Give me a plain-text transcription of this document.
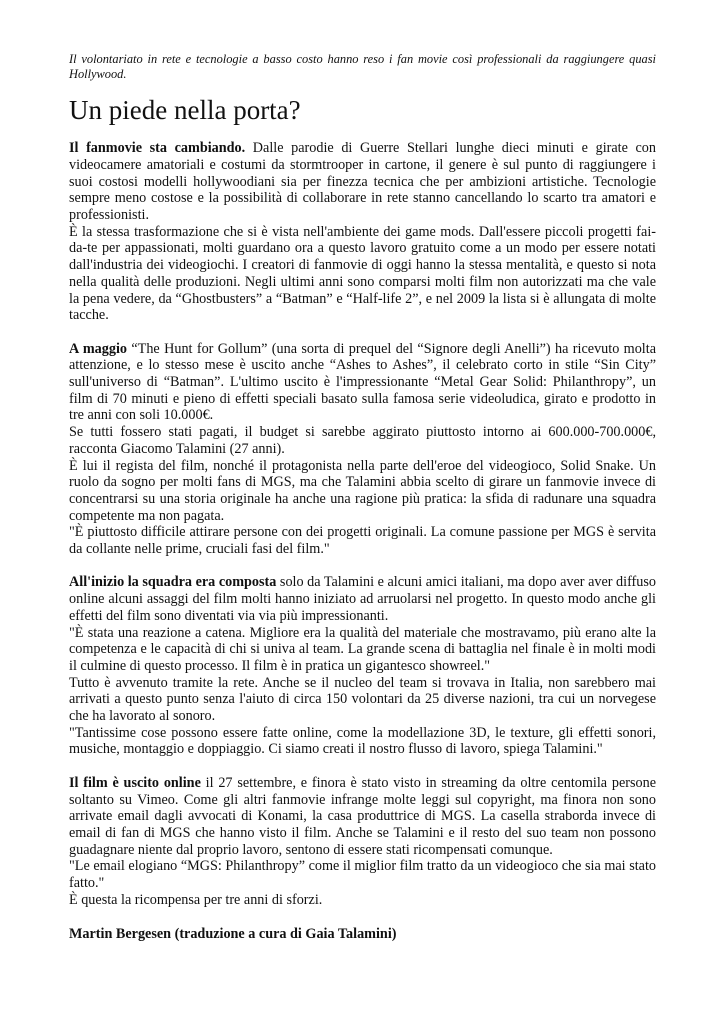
Il volontariato in rete e tecnologie a basso costo hanno reso i fan movie così professionali da raggiungere quasi Hollywood.

Un piede nella porta?

Il fanmovie sta cambiando. Dalle parodie di Guerre Stellari lunghe dieci minuti e girate con videocamere amatoriali e costumi da stormtrooper in cartone, il genere è sul punto di raggiungere i suoi costosi modelli hollywoodiani sia per finezza tecnica che per ambizioni artistiche. Tecnologie sempre meno costose e la possibilità di collaborare in rete stanno cancellando lo scarto tra amatori e professionisti.

È la stessa trasformazione che si è vista nell'ambiente dei game mods. Dall'essere piccoli progetti fai-da-te per appassionati, molti guardano ora a questo lavoro gratuito come a un modo per essere notati dall'industria dei videogiochi. I creatori di fanmovie di oggi hanno la stessa mentalità, e questo si nota nella qualità delle produzioni. Negli ultimi anni sono comparsi molti film non autorizzati ma che vale la pena vedere, da “Ghostbusters” a “Batman” e “Half-life 2”, e nel 2009 la lista si è allungata di molte tacche.

A maggio “The Hunt for Gollum” (una sorta di prequel del “Signore degli Anelli”) ha ricevuto molta attenzione, e lo stesso mese è uscito anche “Ashes to Ashes”, il celebrato corto in stile “Sin City” sull'universo di “Batman”. L'ultimo uscito è l'impressionante “Metal Gear Solid: Philanthropy”, un film di 70 minuti e pieno di effetti speciali basato sulla famosa serie videoludica, girato e prodotto in tre anni con soli 10.000€.

Se tutti fossero stati pagati, il budget si sarebbe aggirato piuttosto intorno ai 600.000-700.000€, racconta Giacomo Talamini (27 anni).

È lui il regista del film, nonché il protagonista nella parte dell'eroe del videogioco, Solid Snake. Un ruolo da sogno per molti fans di MGS, ma che Talamini abbia scelto di girare un fanmovie invece di concentrarsi su una storia originale ha anche una ragione più pratica: la sfida di radunare una squadra competente ma non pagata.

"È piuttosto difficile attirare persone con dei progetti originali. La comune passione per MGS è servita da collante nelle prime, cruciali fasi del film."

All'inizio la squadra era composta solo da Talamini e alcuni amici italiani, ma dopo aver aver diffuso online alcuni assaggi del film molti hanno iniziato ad arruolarsi nel progetto. In questo modo anche gli effetti del film sono diventati via via più impressionanti.

"È stata una reazione a catena. Migliore era la qualità del materiale che mostravamo, più erano alte la competenza e le capacità di chi si univa al team. La grande scena di battaglia nel finale è in molti modi il culmine di questo processo. Il film è in pratica un gigantesco showreel."

Tutto è avvenuto tramite la rete. Anche se il nucleo del team si trovava in Italia, non sarebbero mai arrivati a questo punto senza l'aiuto di circa 150 volontari da 25 diverse nazioni, tra cui un norvegese che ha lavorato al sonoro.

"Tantissime cose possono essere fatte online, come la modellazione 3D, le texture, gli effetti sonori, musiche, montaggio e doppiaggio. Ci siamo creati il nostro flusso di lavoro, spiega Talamini."

Il film è uscito online il 27 settembre, e finora è stato visto in streaming da oltre centomila persone soltanto su Vimeo. Come gli altri fanmovie infrange molte leggi sul copyright, ma finora non sono arrivate email dagli avvocati di Konami, la casa produttrice di MGS. La casella straborda invece di email di fan di MGS che hanno visto il film. Anche se Talamini e il resto del suo team non possono guadagnare niente dal proprio lavoro, sentono di essere stati ricompensati comunque.

"Le email elogiano “MGS: Philanthropy” come il miglior film tratto da un videogioco che sia mai stato fatto."

È questa la ricompensa per tre anni di sforzi.

Martin Bergesen (traduzione a cura di Gaia Talamini)
